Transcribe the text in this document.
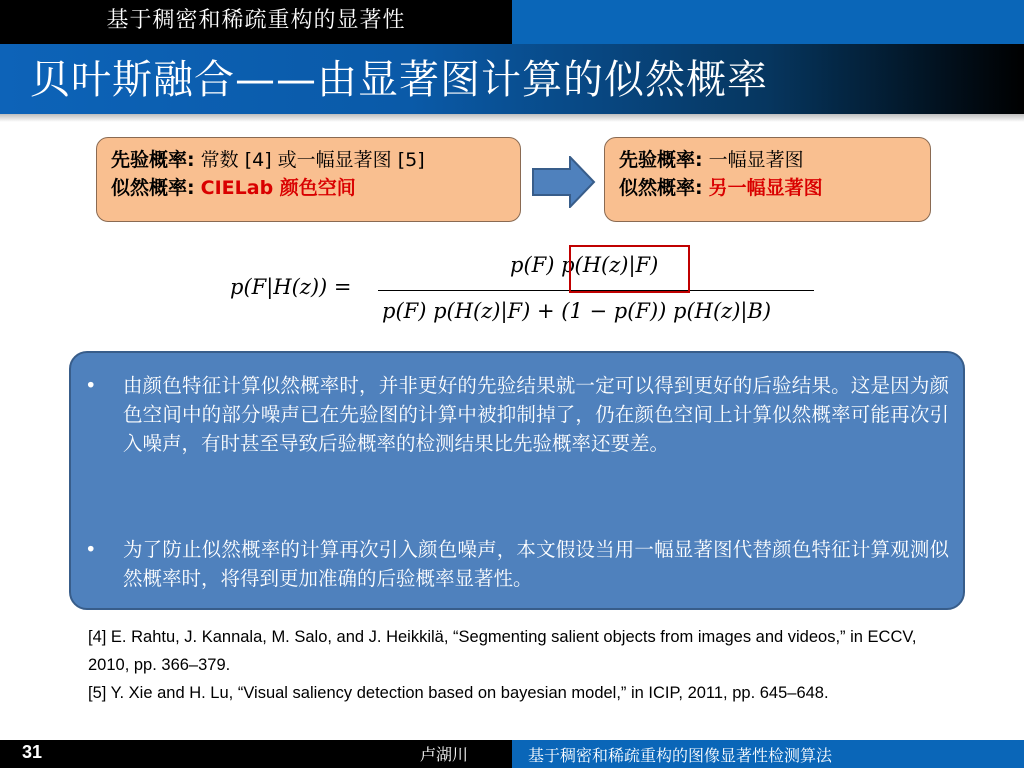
基于稠密和稀疏重构的显著性
贝叶斯融合——由显著图计算的似然概率
先验概率: 常数 [4] 或一幅显著图 [5]
似然概率: CIELab 颜色空间
先验概率: 一幅显著图
似然概率: 另一幅显著图
p(F|H(z)) =
p(F) p(H(z)|F)
p(F) p(H(z)|F) + (1 − p(F)) p(H(z)|B)
• 由颜色特征计算似然概率时，并非更好的先验结果就一定可以得到更好的后验结果。这是因为颜色空间中的部分噪声已在先验图的计算中被抑制掉了，仍在颜色空间上计算似然概率可能再次引入噪声，有时甚至导致后验概率的检测结果比先验概率还要差。
• 为了防止似然概率的计算再次引入颜色噪声，本文假设当用一幅显著图代替颜色特征计算观测似然概率时，将得到更加准确的后验概率显著性。
[4] E. Rahtu, J. Kannala, M. Salo, and J. Heikkilä, “Segmenting salient objects from images and videos,” in ECCV, 2010, pp. 366–379.
[5] Y. Xie and H. Lu, “Visual saliency detection based on bayesian model,” in ICIP, 2011, pp. 645–648.
31	卢湖川	基于稠密和稀疏重构的图像显著性检测算法
